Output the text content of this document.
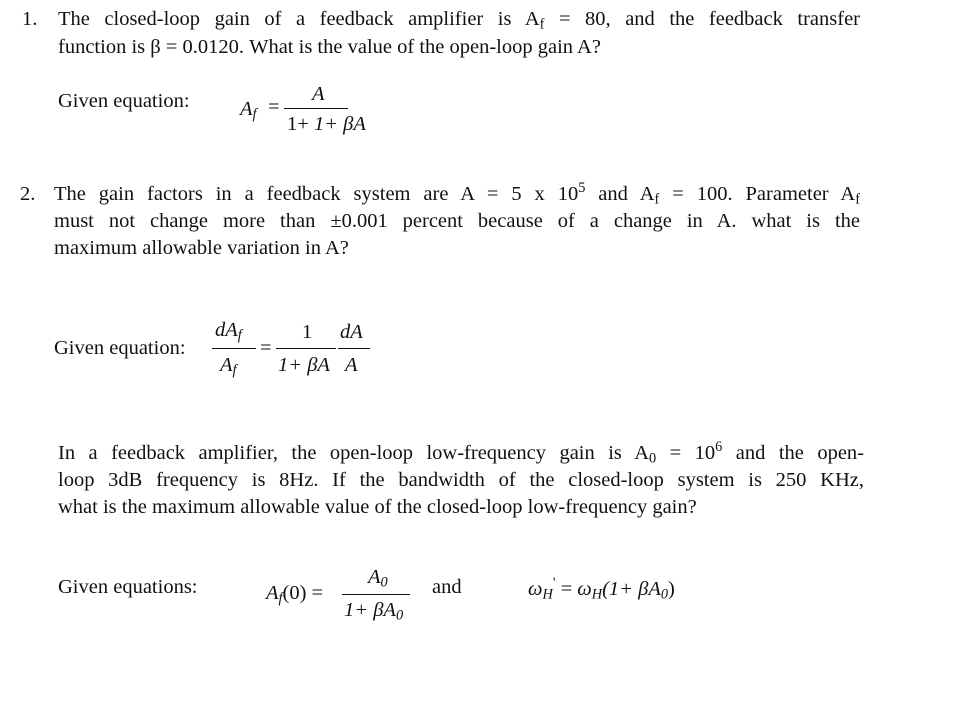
1. The closed-loop gain of a feedback amplifier is $A_f = 80$, and the feedback transfer
function is β = 0.0120. What is the value of the open-loop gain A?
Given equation: $A_f$ =
A
1+ 1+ βA
2. The gain factors in a feedback system are A = 5 x $10^5$ and $A_f = 100$. Parameter $A_f$
must not change more than ±0.001 percent because of a change in A. what is the
maximum allowable variation in A?
Given equation:
$dA_f$
$A_f$
=
1
1+ βA
dA
A
In a feedback amplifier, the open-loop low-frequency gain is $A_0 = 10^6$ and the open-
loop 3dB frequency is 8Hz. If the bandwidth of the closed-loop system is 250 KHz,
what is the maximum allowable value of the closed-loop low-frequency gain?
Given equations:	$A_f(0)$ =
$A_0$
$1+ \beta A_0$
and	$\omega_H' = \omega_H(1+ \beta A_0)$
